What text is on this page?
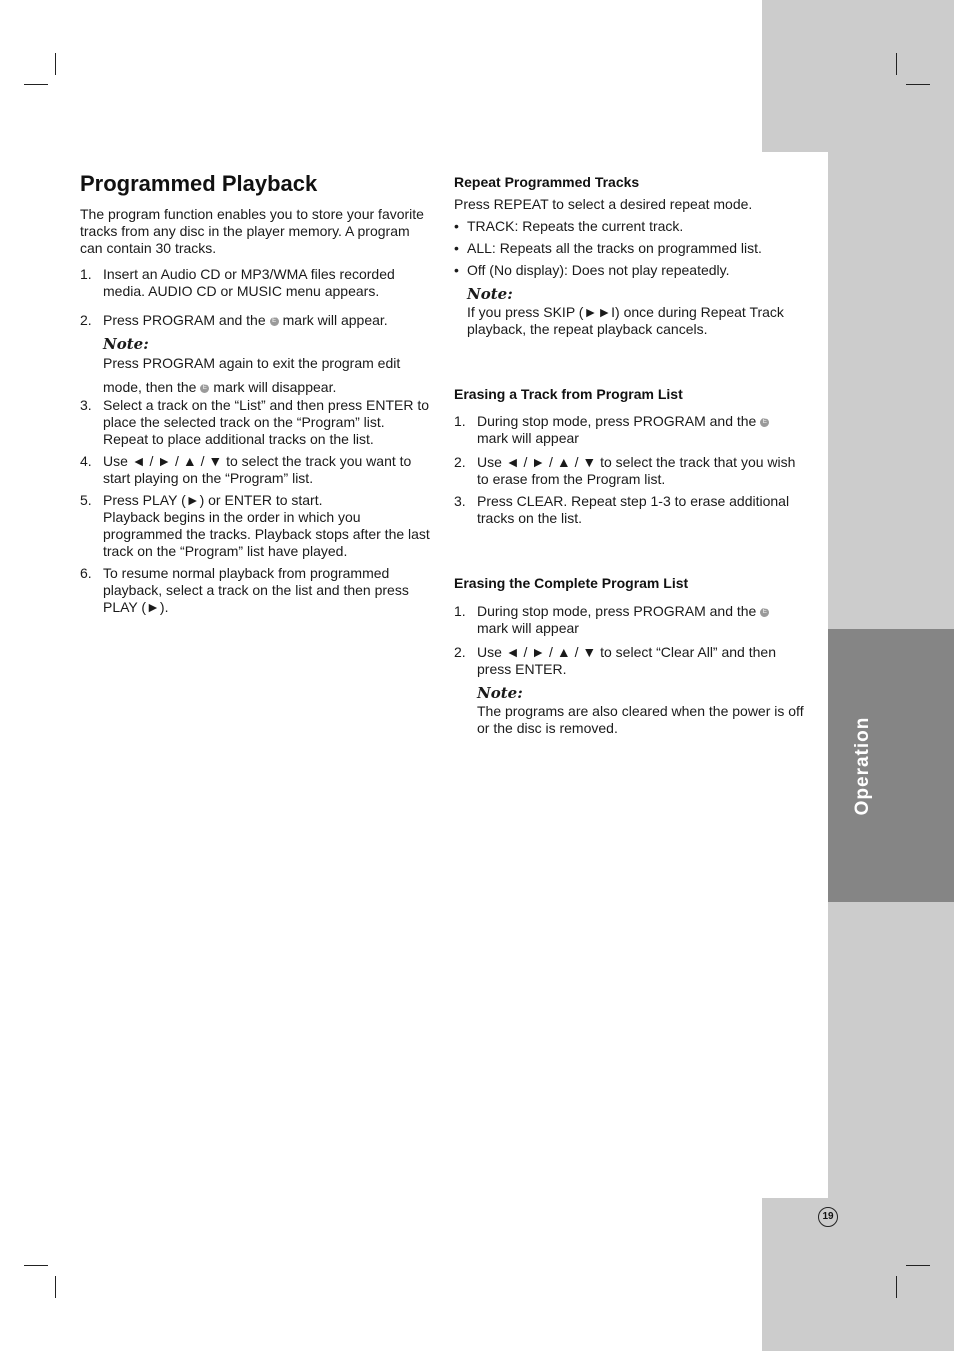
Operation
19
Programmed Playback

The program function enables you to store your favorite tracks from any disc in the player memory. A program can contain 30 tracks.

1. Insert an Audio CD or MP3/WMA files recorded media. AUDIO CD or MUSIC menu appears.
2. Press PROGRAM and the E mark will appear.
Note:

Press PROGRAM again to exit the program edit mode, then the E mark will disappear.

3. Select a track on the “List” and then press ENTER to place the selected track on the “Program” list. Repeat to place additional tracks on the list.
4. Use ◄ / ► / ▲ / ▼ to select the track you want to start playing on the “Program” list.
5. Press PLAY (►) or ENTER to start.
Playback begins in the order in which you programmed the tracks. Playback stops after the last track on the “Program” list have played.
6. To resume normal playback from programmed playback, select a track on the list and then press PLAY (►).
Repeat Programmed Tracks

Press REPEAT to select a desired repeat mode.

• TRACK: Repeats the current track.
• ALL: Repeats all the tracks on programmed list.
• Off (No display): Does not play repeatedly.
Note:

If you press SKIP (►►I) once during Repeat Track playback, the repeat playback cancels.

Erasing a Track from Program List
1. During stop mode, press PROGRAM and the E
mark will appear
2. Use ◄ / ► / ▲ / ▼ to select the track that you wish to erase from the Program list.
3. Press CLEAR. Repeat step 1-3 to erase additional tracks on the list.
Erasing the Complete Program List
1. During stop mode, press PROGRAM and the E
mark will appear
2. Use ◄ / ► / ▲ / ▼ to select “Clear All” and then press ENTER.
Note:

The programs are also cleared when the power is off or the disc is removed.
